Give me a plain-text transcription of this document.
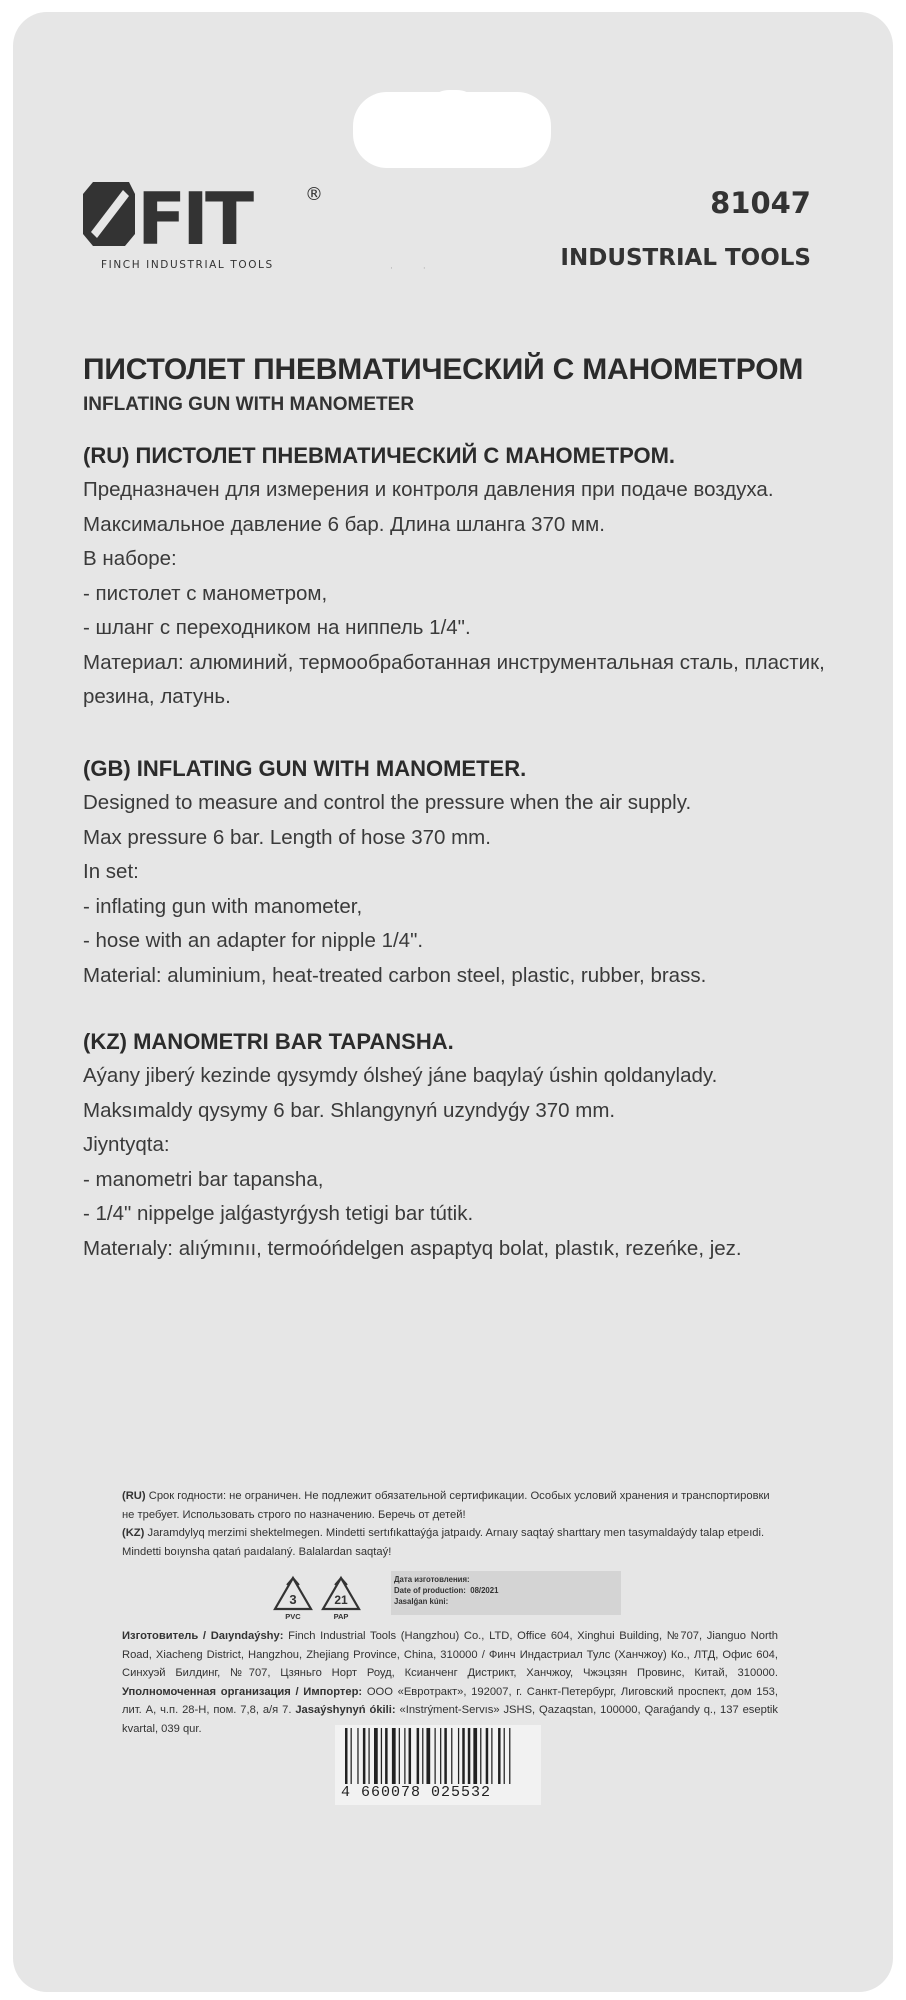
FIT	®
FINCH INDUSTRIAL TOOLS	··
81047
INDUSTRIAL TOOLS
ПИСТОЛЕТ ПНЕВМАТИЧЕСКИЙ С МАНОМЕТРОМ
INFLATING GUN WITH MANOMETER
(RU) ПИСТОЛЕТ ПНЕВМАТИЧЕСКИЙ С МАНОМЕТРОМ.
Предназначен для измерения и контроля давления при подаче воздуха.
Максимальное давление 6 бар. Длина шланга 370 мм.
В наборе:
- пистолет с манометром,
- шланг с переходником на ниппель 1/4".
Материал: алюминий, термообработанная инструментальная сталь, пластик,
резина, латунь.
(GB) INFLATING GUN WITH MANOMETER.
Designed to measure and control the pressure when the air supply.
Max pressure 6 bar. Length of hose 370 mm.
In set:
- inflating gun with manometer,
- hose with an adapter for nipple 1/4".
Material: aluminium, heat-treated carbon steel, plastic, rubber, brass.
(KZ) MANOMETRI BAR TAPANSHA.
Aýany jiberý kezinde qysymdy ólsheý jáne baqylaý úshin qoldanylady.
Maksımaldy qysymy 6 bar. Shlangynyń uzyndyǵy 370 mm.
Jiyntyqta:
- manometri bar tapansha,
- 1/4" nippelge jalǵastyrǵysh tetigi bar tútik.
Materıaly: alıýmınıı, termoóńdelgen aspaptyq bolat, plastık, rezeńke, jez.
(RU) Срок годности: не ограничен. Не подлежит обязательной сертификации. Особых условий хранения и транспортировки не требует. Использовать строго по назначению. Беречь от детей!
(KZ) Jaramdylyq merzimi shektelmegen. Mindetti sertıfıkattaýǵa jatpaıdy. Arnaıy saqtaý sharttary men tasymaldaýdy talap etpeıdi. Mindetti boıynsha qatań paıdalaný. Balalardan saqtaý!
3
PVC
21
PAP
Дата изготовления:
Date of production: 08/2021
Jasalǵan kúni:
Изготовитель / Daıyndaýshy: Finch Industrial Tools (Hangzhou) Co., LTD, Office 604, Xinghui Building, №707, Jianguo North Road, Xiacheng District, Hangzhou, Zhejiang Province, China, 310000 / Финч Индастриал Тулс (Ханчжоу) Ко., ЛТД, Офис 604, Синхуэй Билдинг, №707, Цзяньго Норт Роуд, Ксианченг Дистрикт, Ханчжоу, Чжэцзян Провинс, Китай, 310000. Уполномоченная организация / Импортер: ООО «Евротракт», 192007, г. Санкт-Петербург, Лиговский проспект, дом 153, лит. А, ч.п. 28-Н, пом. 7,8, а/я 7. Jasaýshynyń ókili: «Instrýment-Servıs» JSHS, Qazaqstan, 100000, Qaraǵandy q., 137 eseptik kvartal, 039 qur.
4 660078 025532
